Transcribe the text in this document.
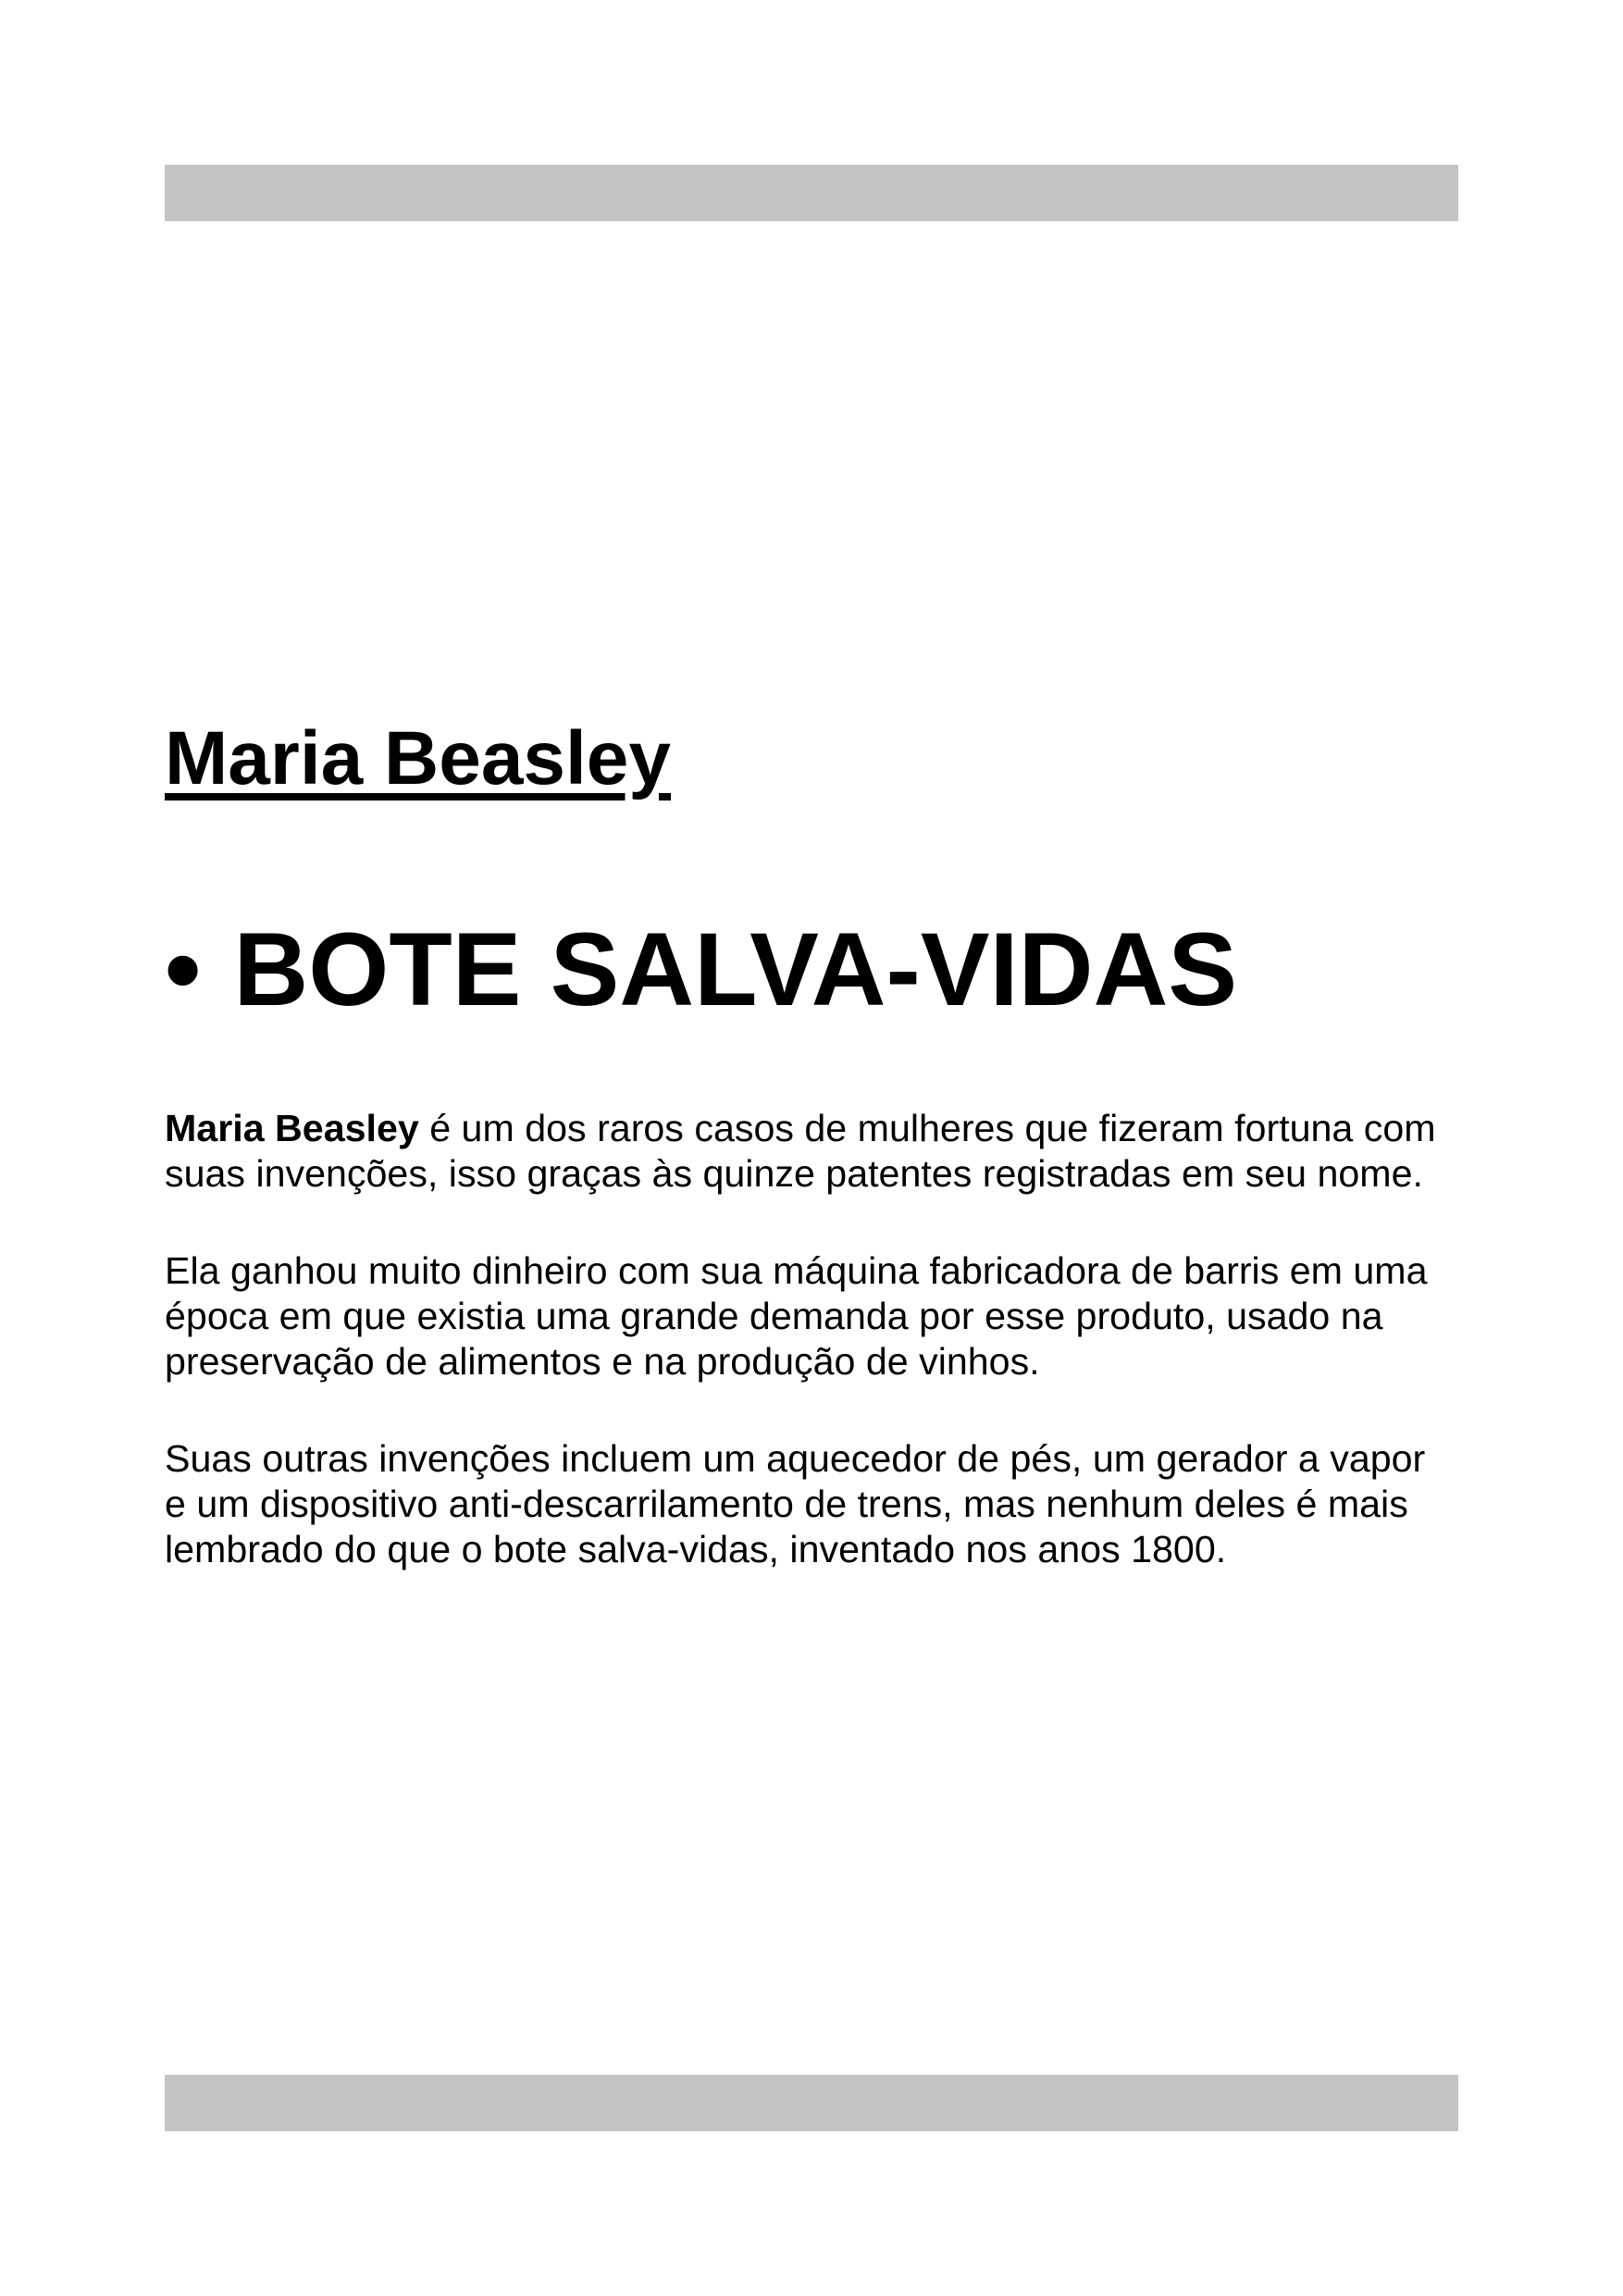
Maria Beasley
• BOTE SALVA-VIDAS

Maria Beasley é um dos raros casos de mulheres que fizeram fortuna com suas invenções, isso graças às quinze patentes registradas em seu nome.

Ela ganhou muito dinheiro com sua máquina fabricadora de barris em uma época em que existia uma grande demanda por esse produto, usado na preservação de alimentos e na produção de vinhos.

Suas outras invenções incluem um aquecedor de pés, um gerador a vapor e um dispositivo anti-descarrilamento de trens, mas nenhum deles é mais lembrado do que o bote salva-vidas, inventado nos anos 1800.
